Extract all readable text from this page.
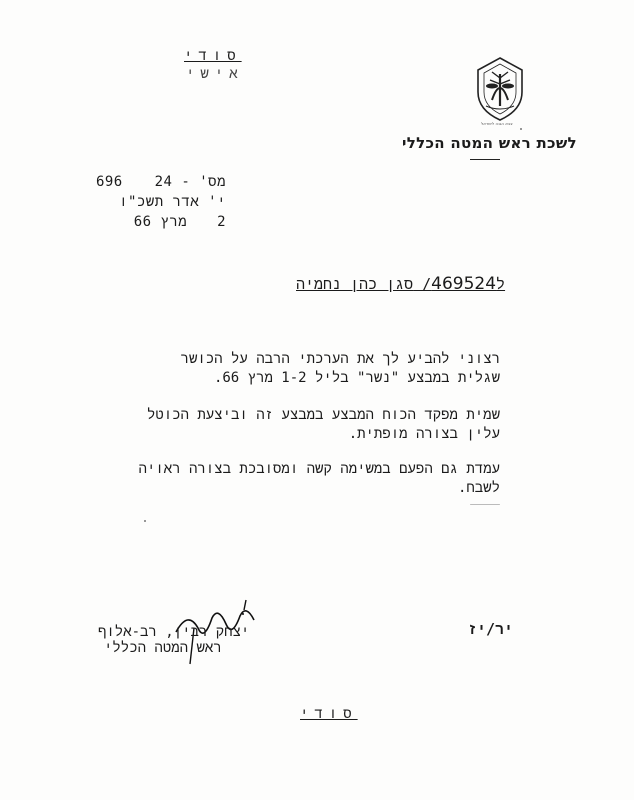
סודי
אישי
צבא הגנה לישראל
לשכת ראש המטה הכללי
מס' - 24  696
י' אדר תשכ"ו
2  מרץ 66
ל469524/ סגן כהן נחמיה
רצוני להביע לך את הערכתי הרבה על הכושר
שגלית במבצע "נשר" בליל 1-2 מרץ 66.
שמית מפקד הכוח המבצע במבצע זה וביצעת הכוטל
עלין בצורה מופתית.
עמדת גם הפעם במשימה קשה ומסובכת בצורה ראויה
לשבח.
יצחק רבין, רב-אלוף
ראש המטה הכללי
יר/יז
סודי
